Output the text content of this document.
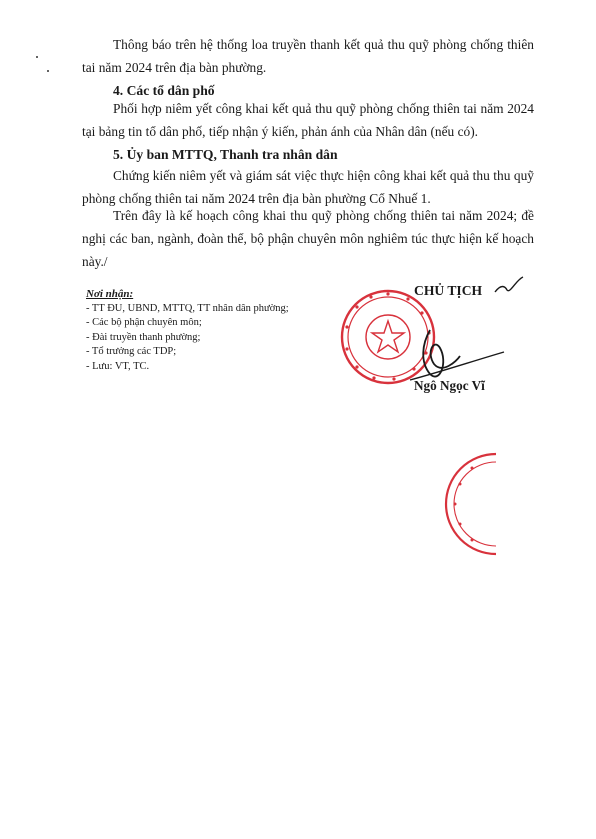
Thông báo trên hệ thống loa truyền thanh kết quả thu quỹ phòng chống thiên tai năm 2024 trên địa bàn phường.

4. Các tổ dân phố

Phối hợp niêm yết công khai kết quả thu quỹ phòng chống thiên tai năm 2024 tại bảng tin tổ dân phố, tiếp nhận ý kiến, phản ánh của Nhân dân (nếu có).

5. Ủy ban MTTQ, Thanh tra nhân dân

Chứng kiến niêm yết và giám sát việc thực hiện công khai kết quả thu thu quỹ phòng chống thiên tai năm 2024 trên địa bàn phường Cổ Nhuế 1.

Trên đây là kế hoạch công khai thu quỹ phòng chống thiên tai năm 2024; đề nghị các ban, ngành, đoàn thể, bộ phận chuyên môn nghiêm túc thực hiện kế hoạch này./

Nơi nhận:
- TT ĐU, UBND, MTTQ, TT nhân dân phường;
- Các bộ phận chuyên môn;
- Đài truyền thanh phường;
- Tổ trưởng các TDP;
- Lưu: VT, TC.
CHỦ TỊCH
Ngô Ngọc Vĩ
